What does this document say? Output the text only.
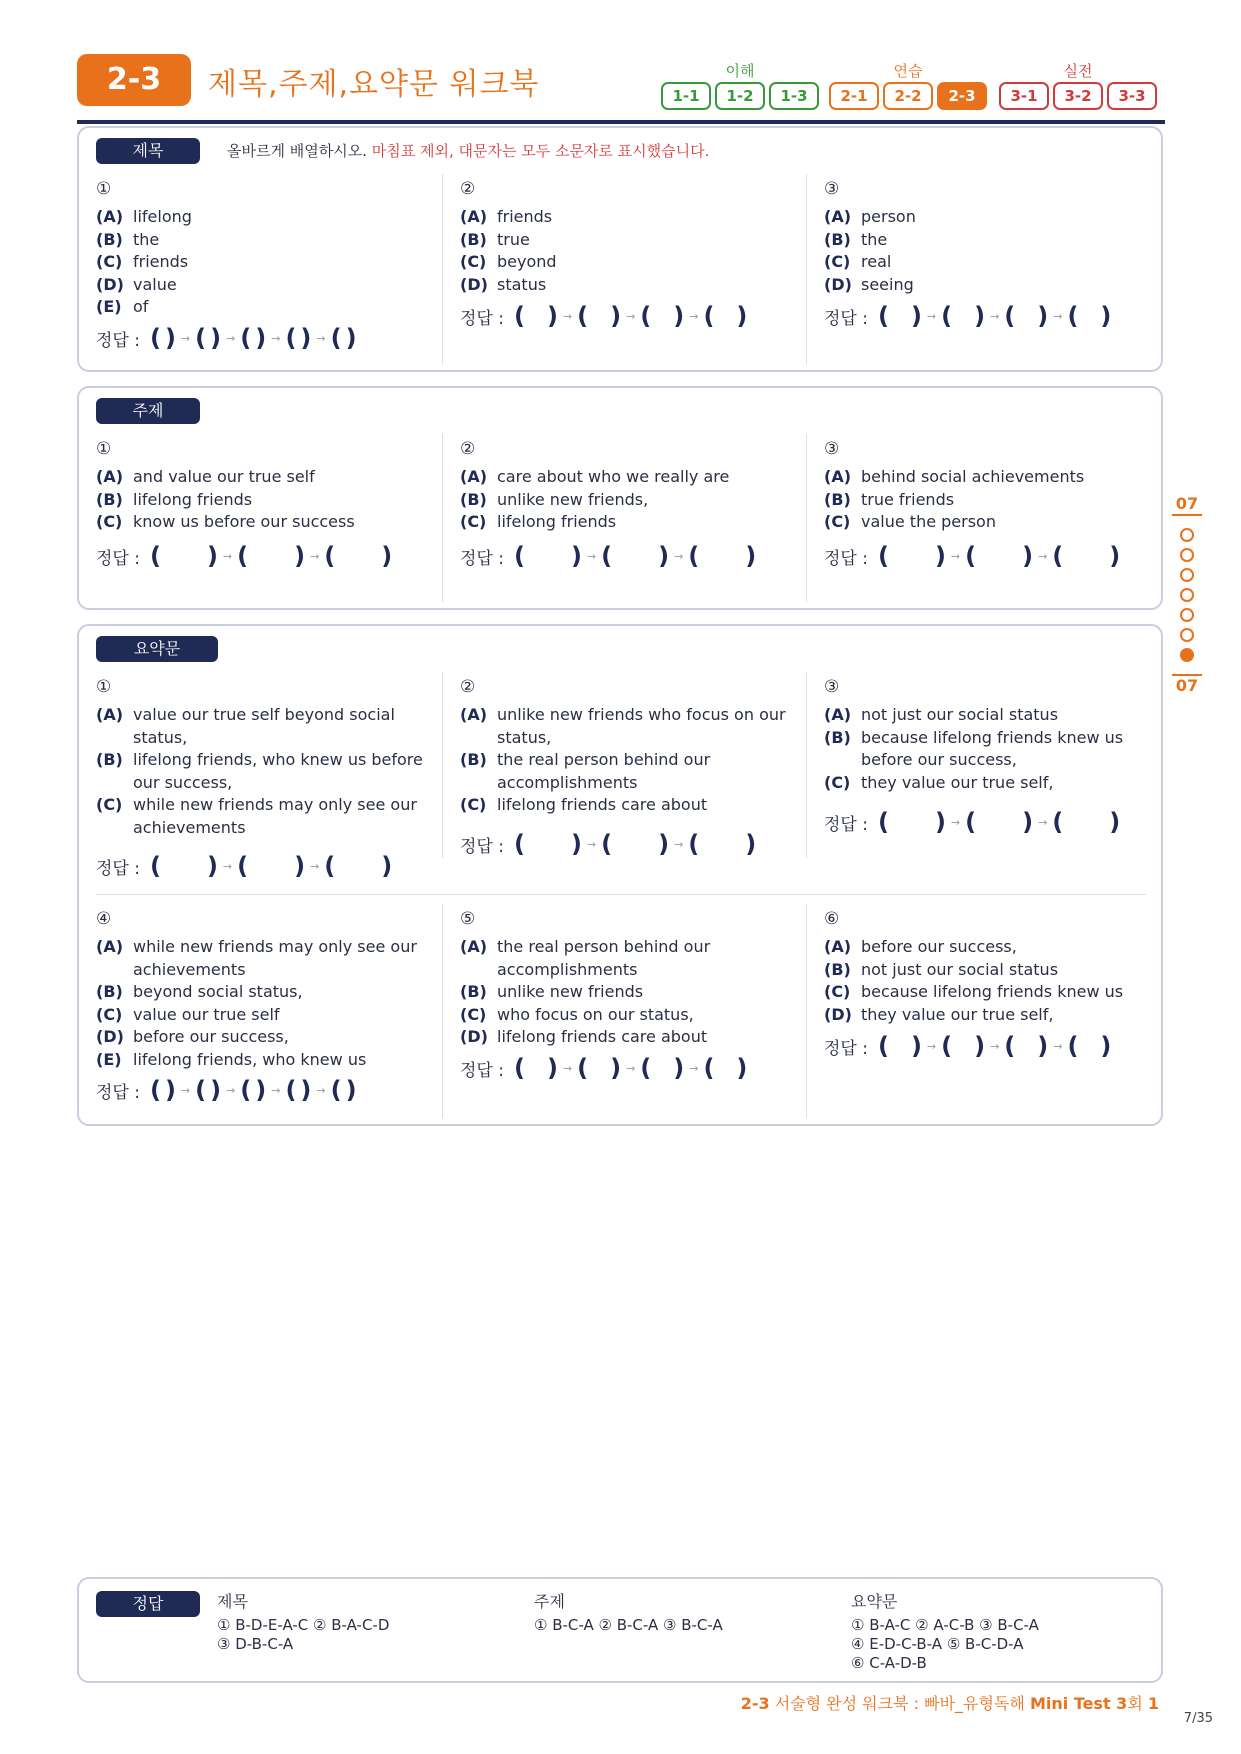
2-3	제목,주제,요약문 워크북	이해
1-1	1-2	1-3
연습
2-1	2-2	2-3
실전
3-1	3-2	3-3
제목	올바르게 배열하시오. 마침표 제외, 대문자는 모두 소문자로 표시했습니다.
①
(A) lifelong
(B) the
(C) friends
(D) value
(E) of
정답 : ( ) → ( ) → ( ) → ( ) → ( )
②
(A) friends
(B) true
(C) beyond
(D) status
정답 : ( ) → ( ) → ( ) → ( )
③
(A) person
(B) the
(C) real
(D) seeing
정답 : ( ) → ( ) → ( ) → ( )
주제
①
(A) and value our true self
(B) lifelong friends
(C) know us before our success
정답 : ( ) → ( ) → ( )
②
(A) care about who we really are
(B) unlike new friends,
(C) lifelong friends
정답 : ( ) → ( ) → ( )
③
(A) behind social achievements
(B) true friends
(C) value the person
정답 : ( ) → ( ) → ( )
요약문
①
(A) value our true self beyond social status,
(B) lifelong friends, who knew us before our success,
(C) while new friends may only see our achievements
정답 : ( ) → ( ) → ( )
②
(A) unlike new friends who focus on our status,
(B) the real person behind our accomplishments
(C) lifelong friends care about
정답 : ( ) → ( ) → ( )
③
(A) not just our social status
(B) because lifelong friends knew us before our success,
(C) they value our true self,
정답 : ( ) → ( ) → ( )
④
(A) while new friends may only see our achievements
(B) beyond social status,
(C) value our true self
(D) before our success,
(E) lifelong friends, who knew us
정답 : ( ) → ( ) → ( ) → ( ) → ( )
⑤
(A) the real person behind our accomplishments
(B) unlike new friends
(C) who focus on our status,
(D) lifelong friends care about
정답 : ( ) → ( ) → ( ) → ( )
⑥
(A) before our success,
(B) not just our social status
(C) because lifelong friends knew us
(D) they value our true self,
정답 : ( ) → ( ) → ( ) → ( )
07
07
정답	제목
① B-D-E-A-C ② B-A-C-D
③ D-B-C-A
주제
① B-C-A ② B-C-A ③ B-C-A
요약문
① B-A-C ② A-C-B ③ B-C-A
④ E-D-C-B-A ⑤ B-C-D-A
⑥ C-A-D-B
2-3 서술형 완성 워크북 : 빠바_유형독해 Mini Test 3회 1
7/35
